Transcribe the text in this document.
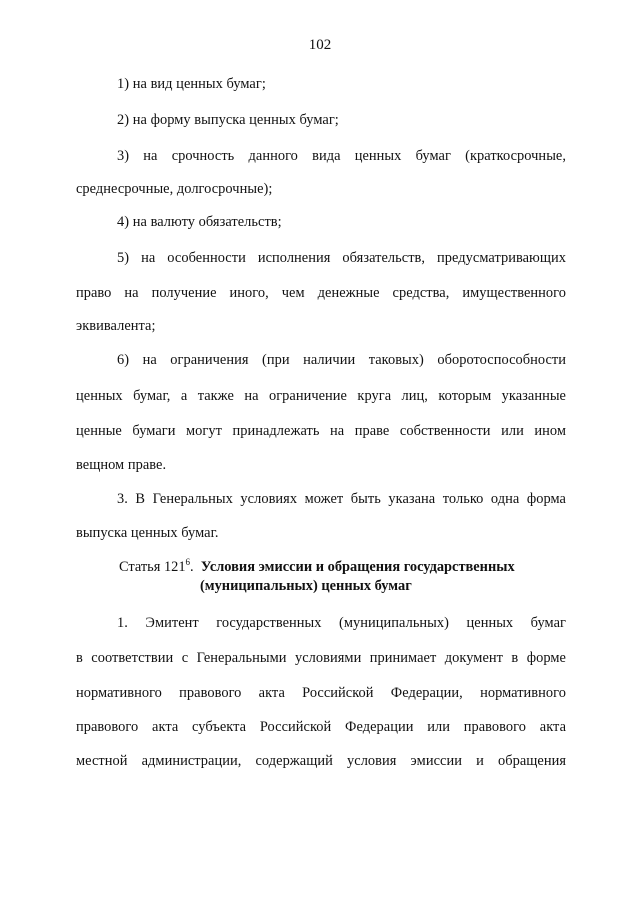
102
1) на вид ценных бумаг;
2) на форму выпуска ценных бумаг;
3) на срочность данного вида ценных бумаг (краткосрочные,
среднесрочные, долгосрочные);
4) на валюту обязательств;
5) на особенности исполнения обязательств, предусматривающих
право на получение иного, чем денежные средства, имущественного
эквивалента;
6) на ограничения (при наличии таковых) оборотоспособности
ценных бумаг, а также на ограничение круга лиц, которым указанные
ценные бумаги могут принадлежать на праве собственности или ином
вещном праве.
3. В Генеральных условиях может быть указана только одна форма
выпуска ценных бумаг.
Статья $121^6$.  Условия эмиссии и обращения государственных
(муниципальных) ценных бумаг
1. Эмитент государственных (муниципальных) ценных бумаг
в соответствии с Генеральными условиями принимает документ в форме
нормативного правового акта Российской Федерации, нормативного
правового акта субъекта Российской Федерации или правового акта
местной администрации, содержащий условия эмиссии и обращения
